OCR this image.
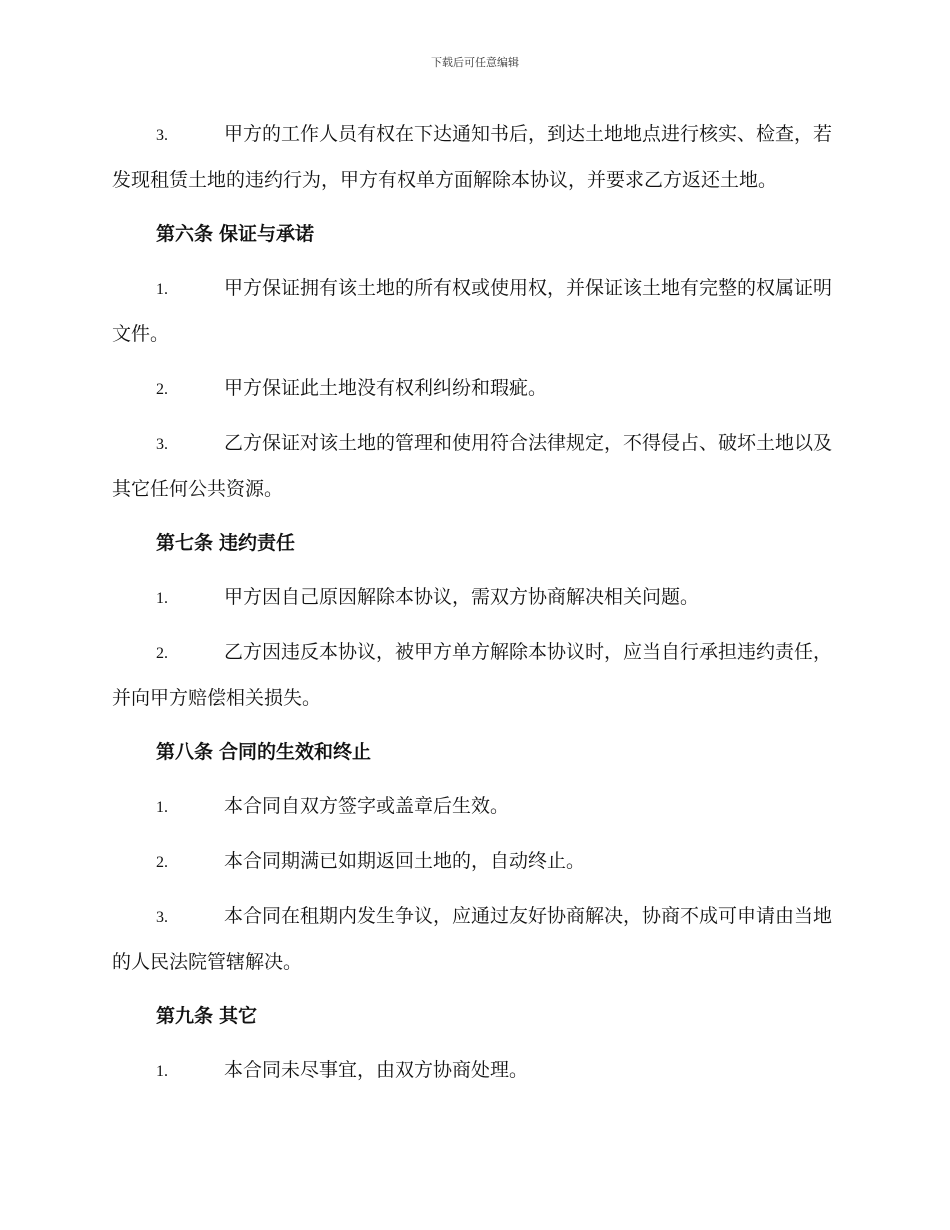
下载后可任意编辑
3.	甲方的工作人员有权在下达通知书后，到达土地地点进行核实、检查，若发现租赁土地的违约行为，甲方有权单方面解除本协议，并要求乙方返还土地。
第六条 保证与承诺
1.	甲方保证拥有该土地的所有权或使用权，并保证该土地有完整的权属证明文件。
2.	甲方保证此土地没有权利纠纷和瑕疵。
3.	乙方保证对该土地的管理和使用符合法律规定，不得侵占、破坏土地以及其它任何公共资源。
第七条 违约责任
1.	甲方因自己原因解除本协议，需双方协商解决相关问题。
2.	乙方因违反本协议，被甲方单方解除本协议时，应当自行承担违约责任，并向甲方赔偿相关损失。
第八条 合同的生效和终止
1.	本合同自双方签字或盖章后生效。
2.	本合同期满已如期返回土地的，自动终止。
3.	本合同在租期内发生争议，应通过友好协商解决，协商不成可申请由当地的人民法院管辖解决。
第九条 其它
1.	本合同未尽事宜，由双方协商处理。
